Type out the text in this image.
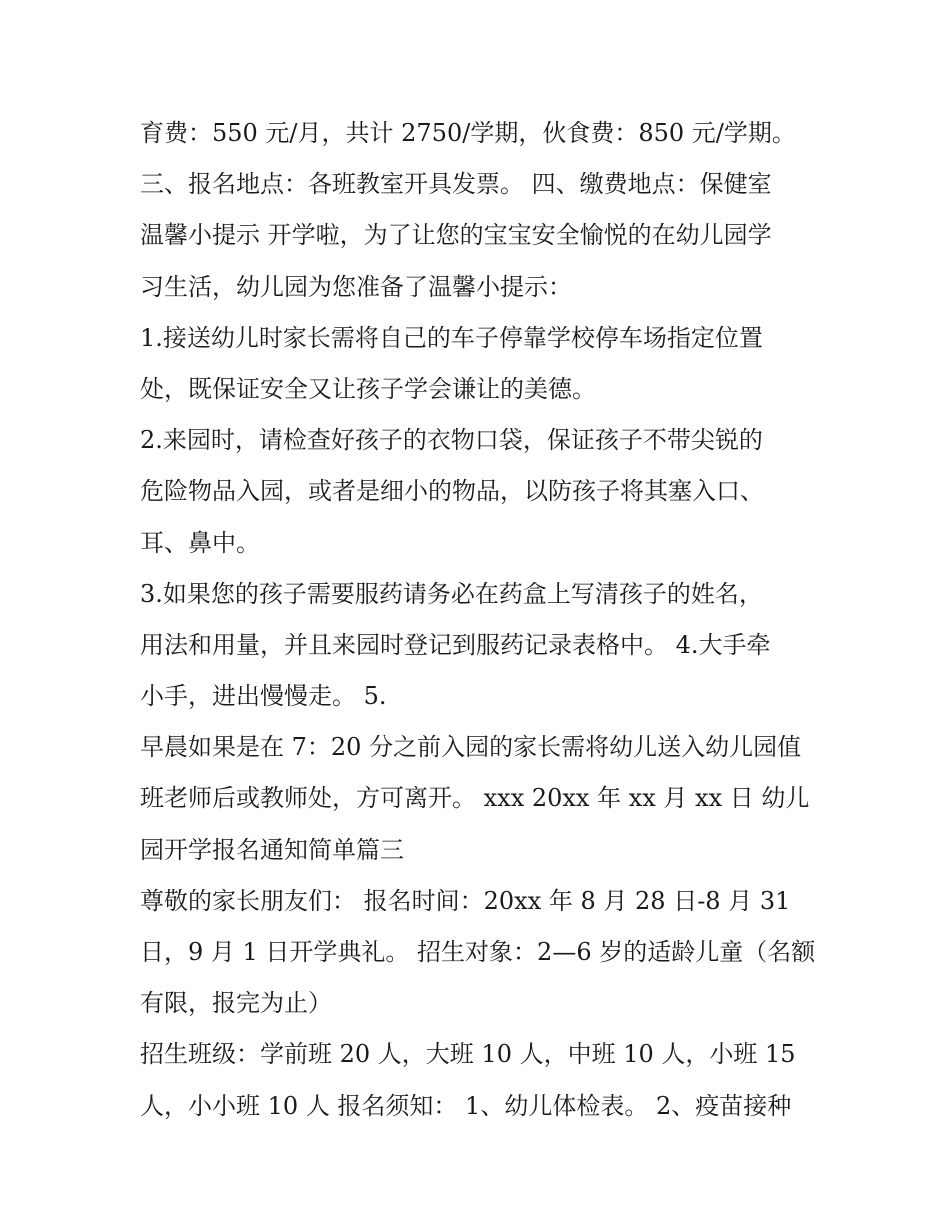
育费：550 元/月，共计 2750/学期，伙食费：850 元/学期。
三、报名地点：各班教室开具发票。 四、缴费地点：保健室
温馨小提示 开学啦，为了让您的宝宝安全愉悦的在幼儿园学
习生活，幼儿园为您准备了温馨小提示：
1.接送幼儿时家长需将自己的车子停靠学校停车场指定位置
处，既保证安全又让孩子学会谦让的美德。
2.来园时，请检查好孩子的衣物口袋，保证孩子不带尖锐的
危险物品入园，或者是细小的物品，以防孩子将其塞入口、
耳、鼻中。
3.如果您的孩子需要服药请务必在药盒上写清孩子的姓名，
用法和用量，并且来园时登记到服药记录表格中。 4.大手牵
小手，进出慢慢走。 5.
早晨如果是在 7：20 分之前入园的家长需将幼儿送入幼儿园值
班老师后或教师处，方可离开。 xxx 20xx 年 xx 月 xx 日 幼儿
园开学报名通知简单篇三
尊敬的家长朋友们： 报名时间：20xx 年 8 月 28 日-8 月 31
日，9 月 1 日开学典礼。 招生对象：2—6 岁的适龄儿童（名额
有限，报完为止）
招生班级：学前班 20 人，大班 10 人，中班 10 人，小班 15
人，小小班 10 人 报名须知： 1、幼儿体检表。 2、疫苗接种
